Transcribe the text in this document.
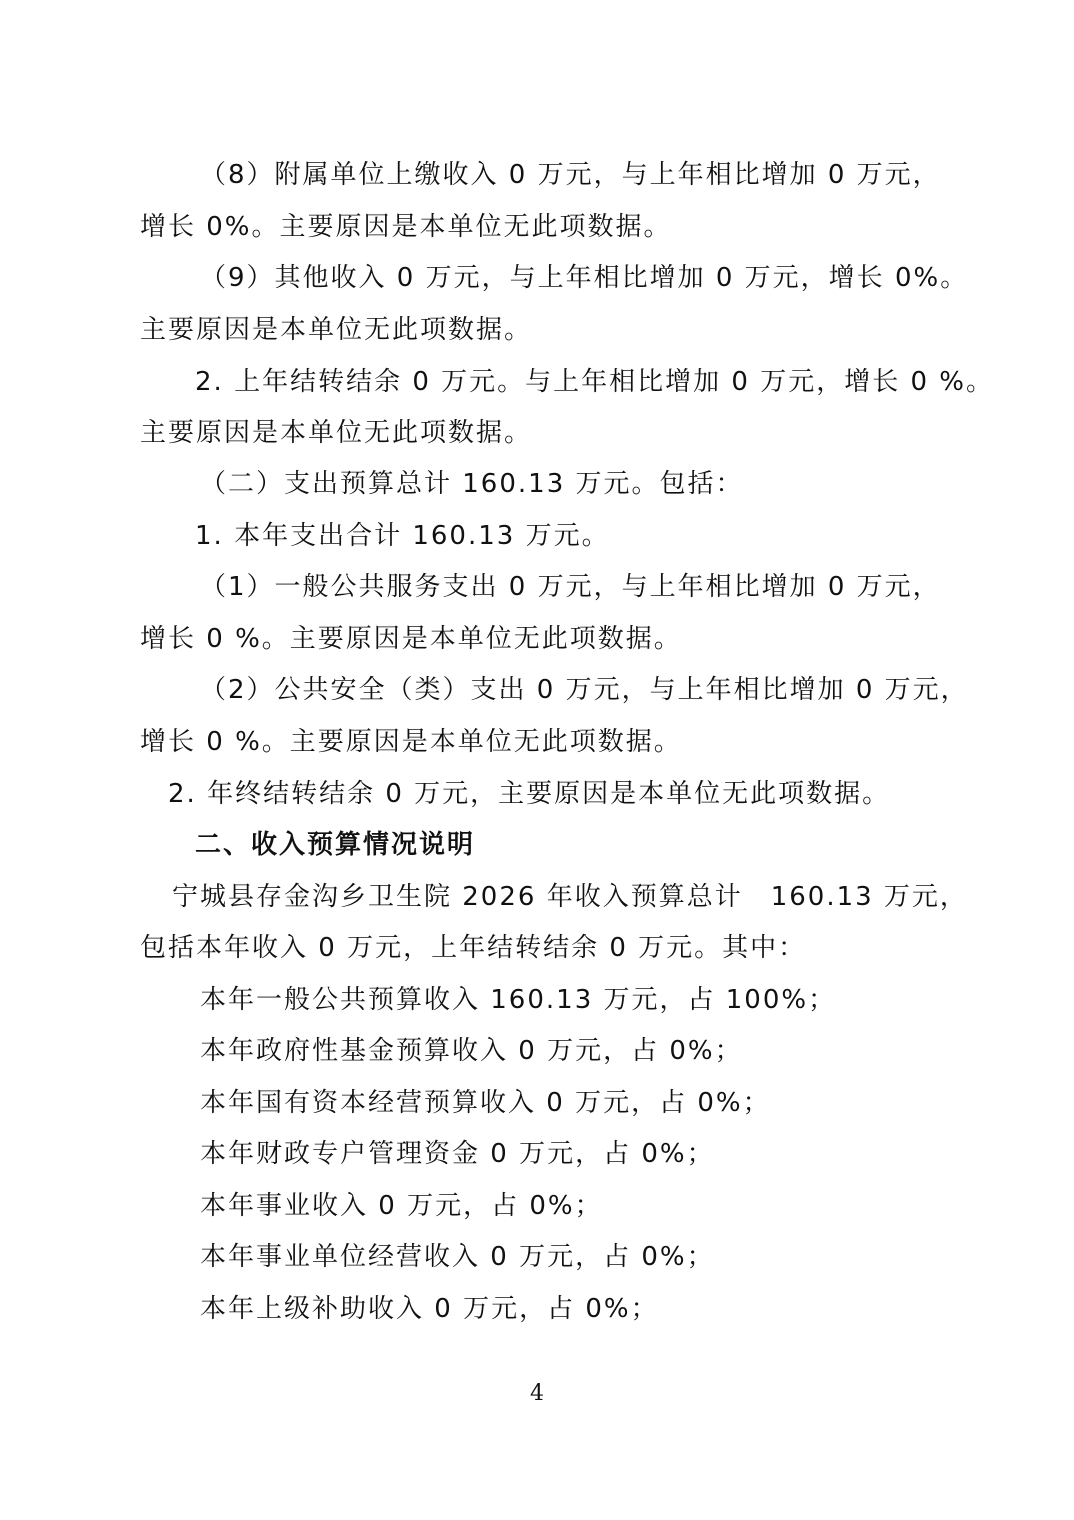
（8）附属单位上缴收入 0 万元，与上年相比增加 0 万元，
增长 0%。主要原因是本单位无此项数据。
（9）其他收入 0 万元，与上年相比增加 0 万元，增长 0%。
主要原因是本单位无此项数据。
2. 上年结转结余 0 万元。与上年相比增加 0 万元，增长 0 %。
主要原因是本单位无此项数据。
（二）支出预算总计 160.13 万元。包括：
1. 本年支出合计 160.13 万元。
（1）一般公共服务支出 0 万元，与上年相比增加 0 万元，
增长 0 %。主要原因是本单位无此项数据。
（2）公共安全（类）支出 0 万元，与上年相比增加 0 万元，
增长 0 %。主要原因是本单位无此项数据。
2. 年终结转结余 0 万元，主要原因是本单位无此项数据。
二、收入预算情况说明
宁城县存金沟乡卫生院 2026 年收入预算总计　160.13 万元，
包括本年收入 0 万元，上年结转结余 0 万元。其中：
本年一般公共预算收入 160.13 万元，占 100%；
本年政府性基金预算收入 0 万元，占 0%；
本年国有资本经营预算收入 0 万元，占 0%；
本年财政专户管理资金 0 万元，占 0%；
本年事业收入 0 万元，占 0%；
本年事业单位经营收入 0 万元，占 0%；
本年上级补助收入 0 万元，占 0%；
4
